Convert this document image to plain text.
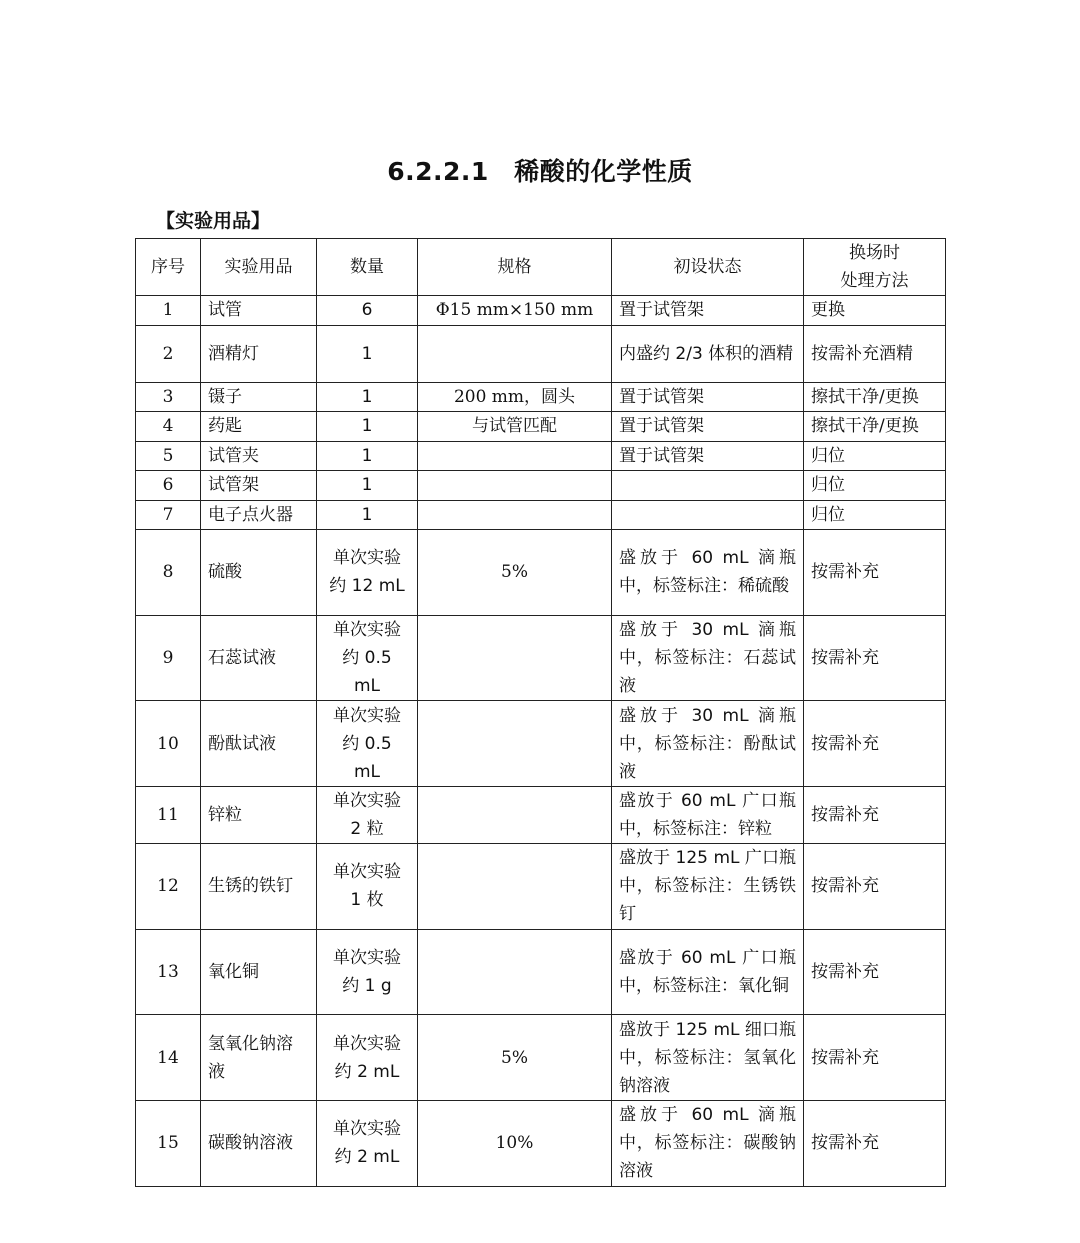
6.2.2.1　稀酸的化学性质
【实验用品】
序号	实验用品	数量	规格	初设状态	换场时
处理方法

1	试管	6	Φ15 mm×150 mm	置于试管架	更换
2	酒精灯	1		内盛约 2/3 体积的酒精	按需补充酒精
3	镊子	1	200 mm，圆头	置于试管架	擦拭干净/更换
4	药匙	1	与试管匹配	置于试管架	擦拭干净/更换
5	试管夹	1		置于试管架	归位
6	试管架	1			归位
7	电子点火器	1			归位
8	硫酸	单次实验约 12 mL	5%	盛放于 60 mL 滴瓶中，标签标注：稀硫酸	按需补充
9	石蕊试液	单次实验约 0.5 mL		盛放于 30 mL 滴瓶中，标签标注：石蕊试液	按需补充
10	酚酞试液	单次实验约 0.5 mL		盛放于 30 mL 滴瓶中，标签标注：酚酞试液	按需补充
11	锌粒	单次实验 2 粒		盛放于 60 mL 广口瓶中，标签标注：锌粒	按需补充
12	生锈的铁钉	单次实验 1 枚		盛放于 125 mL 广口瓶中，标签标注：生锈铁钉	按需补充
13	氧化铜	单次实验约 1 g		盛放于 60 mL 广口瓶中，标签标注：氧化铜	按需补充
14	氢氧化钠溶液	单次实验约 2 mL	5%	盛放于 125 mL 细口瓶中，标签标注：氢氧化钠溶液	按需补充
15	碳酸钠溶液	单次实验约 2 mL	10%	盛放于 60 mL 滴瓶中，标签标注：碳酸钠溶液	按需补充
